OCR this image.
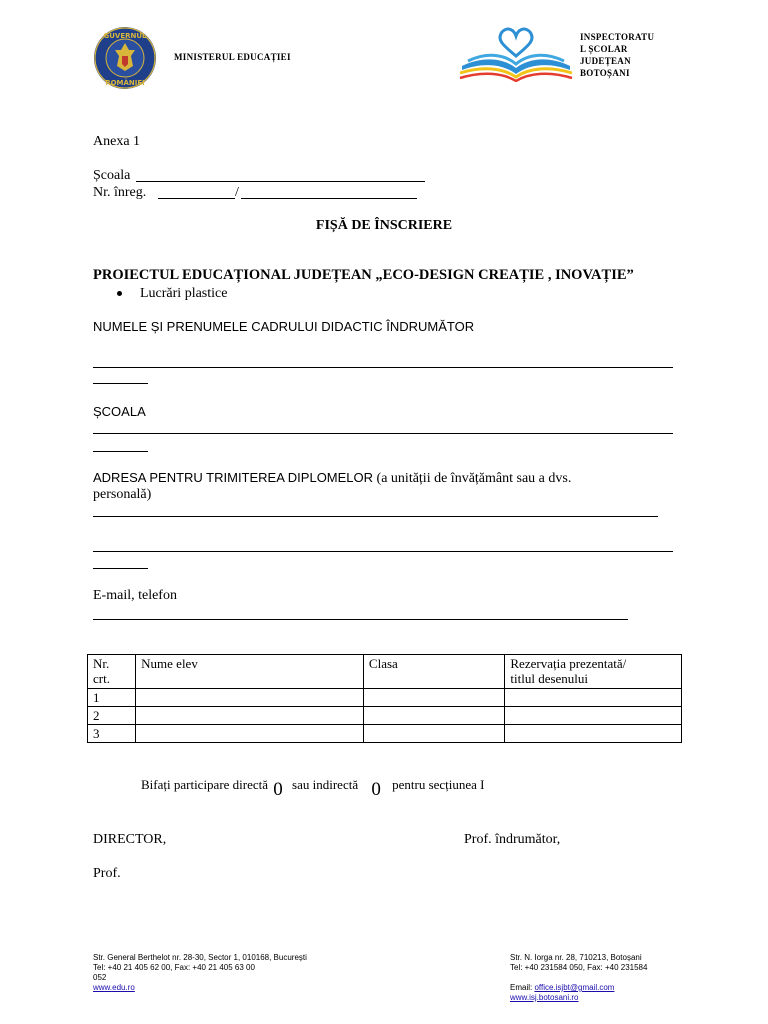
GUVERNUL
ROMÂNIEI
MINISTERUL EDUCAȚIEI
INSPECTORATU
L ȘCOLAR
JUDEȚEAN
BOTOȘANI
Anexa 1
Școala
Nr. înreg.	/
FIȘĂ DE ÎNSCRIERE
PROIECTUL EDUCAȚIONAL JUDEȚEAN „ECO-DESIGN CREAȚIE , INOVAȚIE”
Lucrări plastice
NUMELE ȘI PRENUMELE CADRULUI DIDACTIC ÎNDRUMĂTOR
ȘCOALA
ADRESA PENTRU TRIMITEREA DIPLOMELOR (a unității de învățământ sau a dvs.
personală)
E-mail, telefon
Nr.
crt.	Nume elev	Clasa	Rezervația prezentată/
titlul desenului
1			
2			
3			
Bifați participare directă 0 sau indirectă 0 pentru secțiunea I
DIRECTOR,	Prof. îndrumător,
Prof.
Str. General Berthelot nr. 28-30, Sector 1, 010168, București
Tel: +40 21 405 62 00, Fax: +40 21 405 63 00
052
www.edu.ro
Str. N. Iorga nr. 28, 710213, Botoșani
Tel: +40 231584 050, Fax: +40 231584
052
Email: office.isjbt@gmail.com
www.isj.botosani.ro
